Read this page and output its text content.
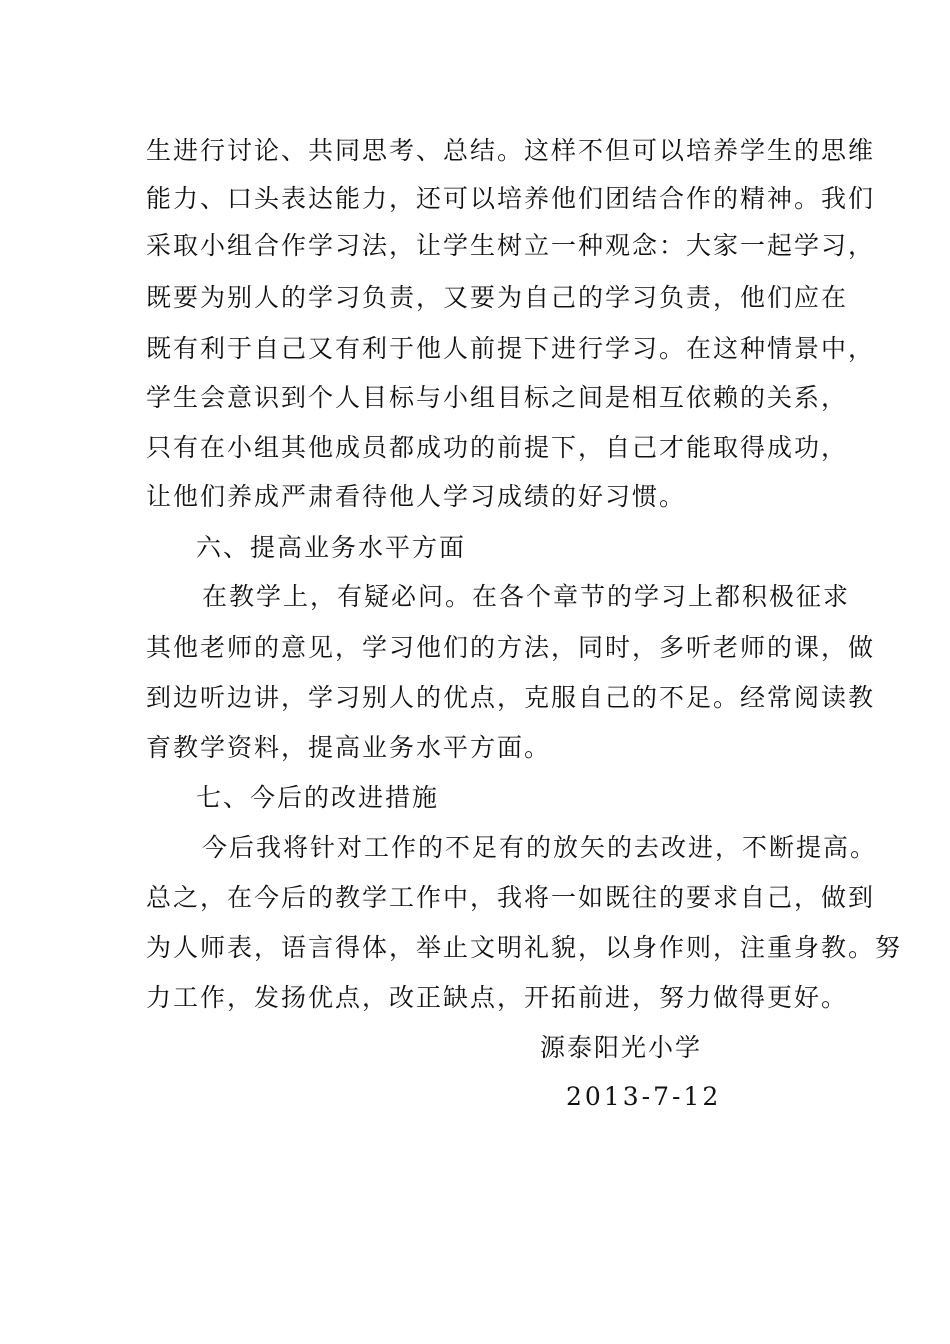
生进行讨论、共同思考、总结。这样不但可以培养学生的思维
能力、口头表达能力，还可以培养他们团结合作的精神。我们
采取小组合作学习法，让学生树立一种观念：大家一起学习，
既要为别人的学习负责，又要为自己的学习负责，他们应在
既有利于自己又有利于他人前提下进行学习。在这种情景中，
学生会意识到个人目标与小组目标之间是相互依赖的关系，
只有在小组其他成员都成功的前提下，自己才能取得成功，
让他们养成严肃看待他人学习成绩的好习惯。
六、提高业务水平方面
在教学上，有疑必问。在各个章节的学习上都积极征求
其他老师的意见，学习他们的方法，同时，多听老师的课，做
到边听边讲，学习别人的优点，克服自己的不足。经常阅读教
育教学资料，提高业务水平方面。
七、今后的改进措施
今后我将针对工作的不足有的放矢的去改进，不断提高。
总之，在今后的教学工作中，我将一如既往的要求自己，做到
为人师表，语言得体，举止文明礼貌，以身作则，注重身教。努
力工作，发扬优点，改正缺点，开拓前进，努力做得更好。
源泰阳光小学
2013-7-12
